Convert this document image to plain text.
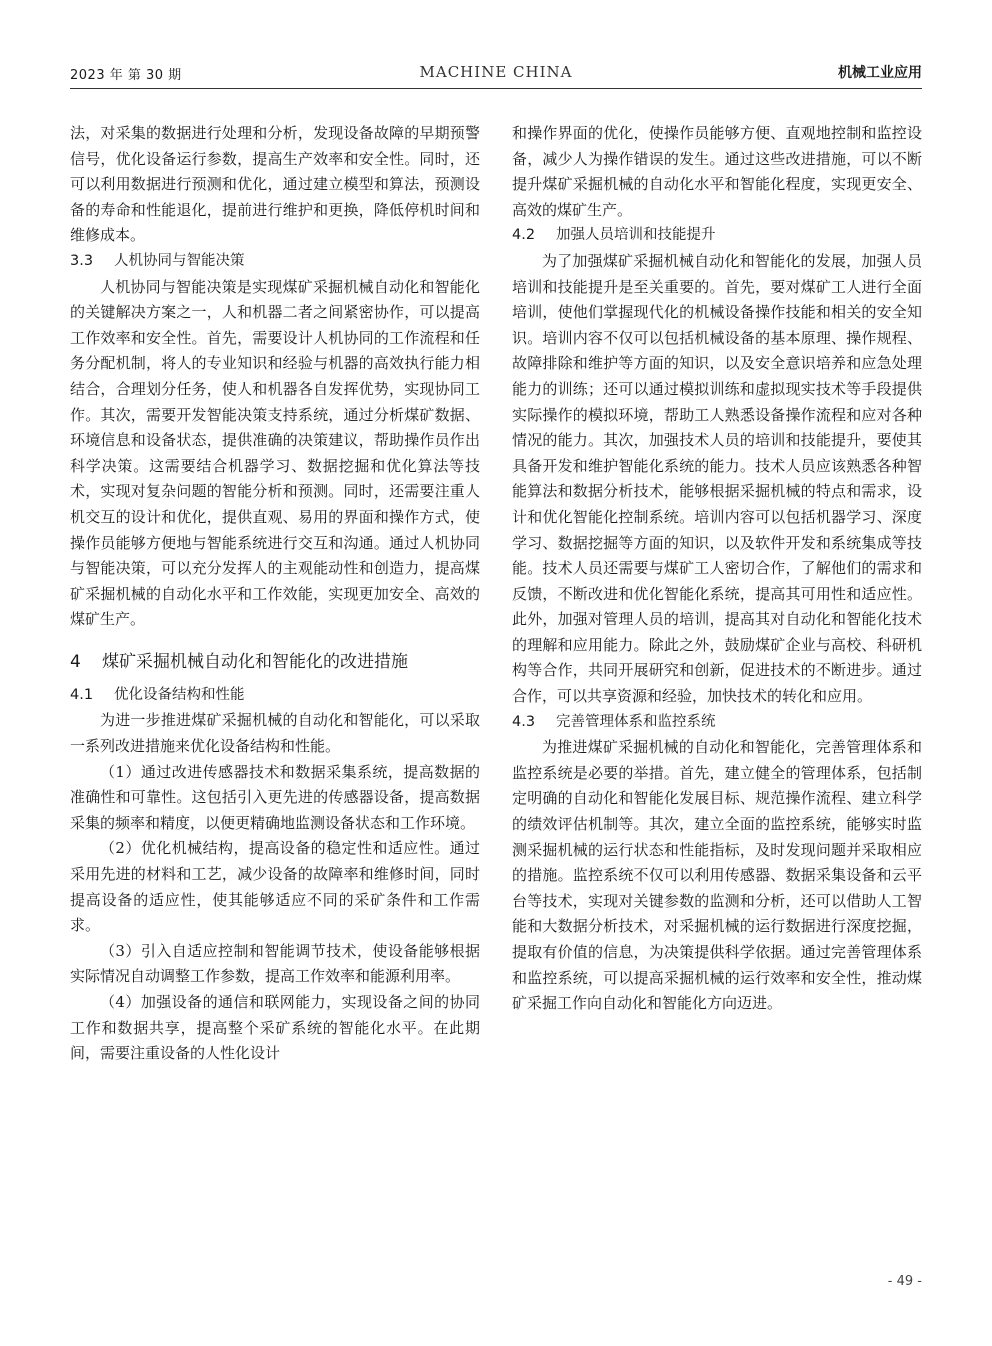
2023 年 第 30 期	MACHINE CHINA	机械工业应用

法，对采集的数据进行处理和分析，发现设备故障的早期预警信号，优化设备运行参数，提高生产效率和安全性。同时，还可以利用数据进行预测和优化，通过建立模型和算法，预测设备的寿命和性能退化，提前进行维护和更换，降低停机时间和维修成本。

3.3 人机协同与智能决策

人机协同与智能决策是实现煤矿采掘机械自动化和智能化的关键解决方案之一，人和机器二者之间紧密协作，可以提高工作效率和安全性。首先，需要设计人机协同的工作流程和任务分配机制，将人的专业知识和经验与机器的高效执行能力相结合，合理划分任务，使人和机器各自发挥优势，实现协同工作。其次，需要开发智能决策支持系统，通过分析煤矿数据、环境信息和设备状态，提供准确的决策建议，帮助操作员作出科学决策。这需要结合机器学习、数据挖掘和优化算法等技术，实现对复杂问题的智能分析和预测。同时，还需要注重人机交互的设计和优化，提供直观、易用的界面和操作方式，使操作员能够方便地与智能系统进行交互和沟通。通过人机协同与智能决策，可以充分发挥人的主观能动性和创造力，提高煤矿采掘机械的自动化水平和工作效能，实现更加安全、高效的煤矿生产。

4 煤矿采掘机械自动化和智能化的改进措施
4.1 优化设备结构和性能

为进一步推进煤矿采掘机械的自动化和智能化，可以采取一系列改进措施来优化设备结构和性能。

（1）通过改进传感器技术和数据采集系统，提高数据的准确性和可靠性。这包括引入更先进的传感器设备，提高数据采集的频率和精度，以便更精确地监测设备状态和工作环境。

（2）优化机械结构，提高设备的稳定性和适应性。通过采用先进的材料和工艺，减少设备的故障率和维修时间，同时提高设备的适应性，使其能够适应不同的采矿条件和工作需求。

（3）引入自适应控制和智能调节技术，使设备能够根据实际情况自动调整工作参数，提高工作效率和能源利用率。

（4）加强设备的通信和联网能力，实现设备之间的协同工作和数据共享，提高整个采矿系统的智能化水平。在此期间，需要注重设备的人性化设计

和操作界面的优化，使操作员能够方便、直观地控制和监控设备，减少人为操作错误的发生。通过这些改进措施，可以不断提升煤矿采掘机械的自动化水平和智能化程度，实现更安全、高效的煤矿生产。

4.2 加强人员培训和技能提升

为了加强煤矿采掘机械自动化和智能化的发展，加强人员培训和技能提升是至关重要的。首先，要对煤矿工人进行全面培训，使他们掌握现代化的机械设备操作技能和相关的安全知识。培训内容不仅可以包括机械设备的基本原理、操作规程、故障排除和维护等方面的知识，以及安全意识培养和应急处理能力的训练；还可以通过模拟训练和虚拟现实技术等手段提供实际操作的模拟环境，帮助工人熟悉设备操作流程和应对各种情况的能力。其次，加强技术人员的培训和技能提升，要使其具备开发和维护智能化系统的能力。技术人员应该熟悉各种智能算法和数据分析技术，能够根据采掘机械的特点和需求，设计和优化智能化控制系统。培训内容可以包括机器学习、深度学习、数据挖掘等方面的知识，以及软件开发和系统集成等技能。技术人员还需要与煤矿工人密切合作，了解他们的需求和反馈，不断改进和优化智能化系统，提高其可用性和适应性。此外，加强对管理人员的培训，提高其对自动化和智能化技术的理解和应用能力。除此之外，鼓励煤矿企业与高校、科研机构等合作，共同开展研究和创新，促进技术的不断进步。通过合作，可以共享资源和经验，加快技术的转化和应用。

4.3 完善管理体系和监控系统

为推进煤矿采掘机械的自动化和智能化，完善管理体系和监控系统是必要的举措。首先，建立健全的管理体系，包括制定明确的自动化和智能化发展目标、规范操作流程、建立科学的绩效评估机制等。其次，建立全面的监控系统，能够实时监测采掘机械的运行状态和性能指标，及时发现问题并采取相应的措施。监控系统不仅可以利用传感器、数据采集设备和云平台等技术，实现对关键参数的监测和分析，还可以借助人工智能和大数据分析技术，对采掘机械的运行数据进行深度挖掘，提取有价值的信息，为决策提供科学依据。通过完善管理体系和监控系统，可以提高采掘机械的运行效率和安全性，推动煤矿采掘工作向自动化和智能化方向迈进。

- 49 -
